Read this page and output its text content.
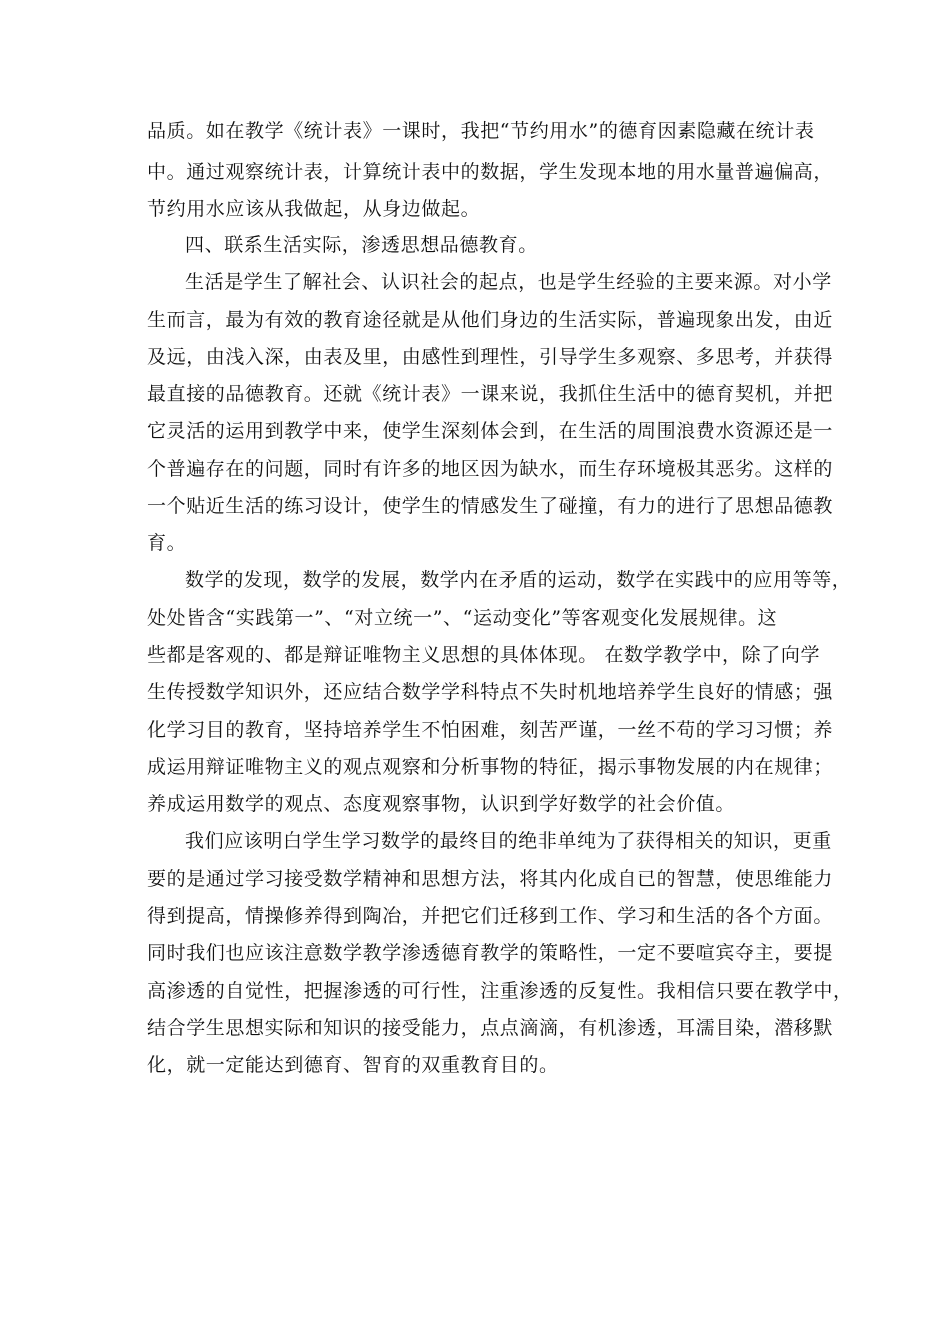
品质。如在教学《统计表》一课时，我把“节约用水”的德育因素隐藏在统计表
中。通过观察统计表，计算统计表中的数据，学生发现本地的用水量普遍偏高，
节约用水应该从我做起，从身边做起。
四、联系生活实际，渗透思想品德教育。
生活是学生了解社会、认识社会的起点，也是学生经验的主要来源。对小学
生而言，最为有效的教育途径就是从他们身边的生活实际，普遍现象出发，由近
及远，由浅入深，由表及里，由感性到理性，引导学生多观察、多思考，并获得
最直接的品德教育。还就《统计表》一课来说，我抓住生活中的德育契机，并把
它灵活的运用到教学中来，使学生深刻体会到，在生活的周围浪费水资源还是一
个普遍存在的问题，同时有许多的地区因为缺水，而生存环境极其恶劣。这样的
一个贴近生活的练习设计，使学生的情感发生了碰撞，有力的进行了思想品德教
育。
数学的发现，数学的发展，数学内在矛盾的运动，数学在实践中的应用等等，
处处皆含“实践第一”、“对立统一”、“运动变化”等客观变化发展规律。这
些都是客观的、都是辩证唯物主义思想的具体体现。 在数学教学中，除了向学
生传授数学知识外，还应结合数学学科特点不失时机地培养学生良好的情感；强
化学习目的教育，坚持培养学生不怕困难，刻苦严谨，一丝不苟的学习习惯；养
成运用辩证唯物主义的观点观察和分析事物的特征，揭示事物发展的内在规律；
养成运用数学的观点、态度观察事物，认识到学好数学的社会价值。
我们应该明白学生学习数学的最终目的绝非单纯为了获得相关的知识，更重
要的是通过学习接受数学精神和思想方法，将其内化成自已的智慧，使思维能力
得到提高，情操修养得到陶冶，并把它们迁移到工作、学习和生活的各个方面。
同时我们也应该注意数学教学渗透德育教学的策略性，一定不要喧宾夺主，要提
高渗透的自觉性，把握渗透的可行性，注重渗透的反复性。我相信只要在教学中，
结合学生思想实际和知识的接受能力，点点滴滴，有机渗透，耳濡目染，潜移默
化，就一定能达到德育、智育的双重教育目的。
